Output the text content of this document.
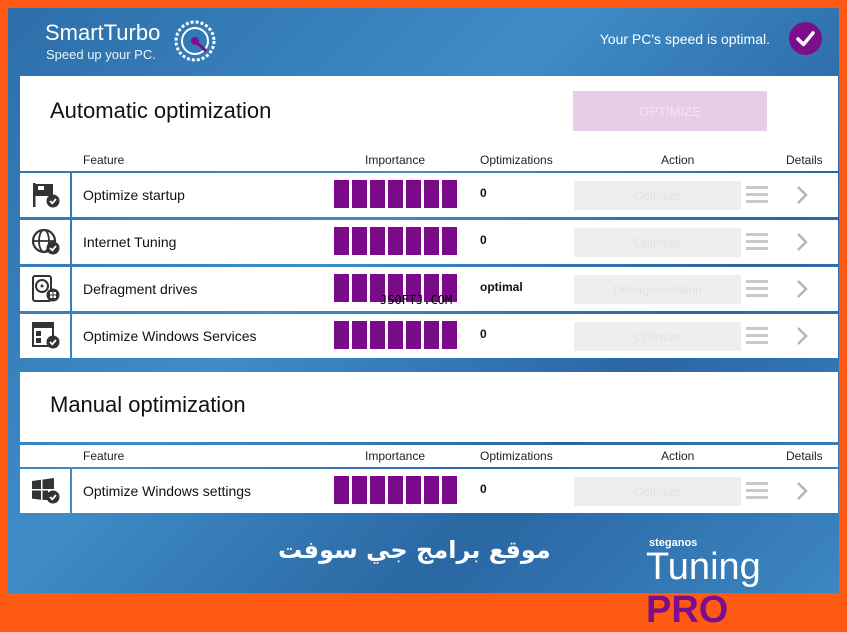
SmartTurbo
Speed up your PC.
Your PC's speed is optimal.
Automatic optimization	OPTIMIZE
Feature	Importance	Optimizations	Action	Details
Optimize startup	0	Optimize
Internet Tuning	0	Optimize
Defragment drives	optimal	Defragmentation
Optimize Windows Services	0	Optimize
Manual optimization
Feature	Importance	Optimizations	Action	Details
Optimize Windows settings	0	Optimize
JSOFTJ.COM
موقع برامج جي سوفت	steganos
Tuning PRO
